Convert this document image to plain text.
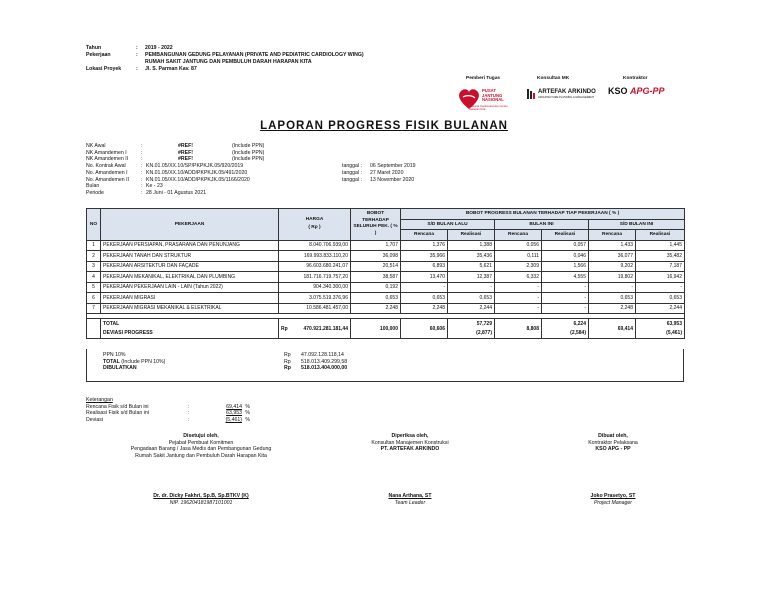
Tahun	: 2019 - 2022
Pekerjaan	: PEMBANGUNAN GEDUNG PELAYANAN (PRIVATE AND PEDIATRIC CARDIOLOGY WING)
RUMAH SAKIT JANTUNG DAN PEMBULUH DARAH HARAPAN KITA
Lokasi Proyek	: Jl. S. Parman Kav. 87
Pemberi Tugas	Konsultan MK	Kontraktor
PUSAT JANTUNG NASIONAL
National Cardiovascular Center Harapan Kita
ARTEFAK ARKINDO
ARCHITECTURE PLANNING & MANAGEMENT
KSO APG-PP
LAPORAN PROGRESS FISIK BULANAN
NK Awal	:	#REF!	(Include PPN)
NK Amandemen I	:	#REF!	(Include PPN)
NK Amandemen II :	#REF!	(Include PPN)
No. Kontrak Awal	: KN.01.05/XX.10/SP/PKPKJK.05/920/2019	tanggal : 06 September 2019
No. Amandemen I	: KN.01.05/XX.10/ADD/PKPKJK.05/491/2020	tanggal : 27 Maret 2020
No. Amandemen II : KN.01.05/XX.10/ADD/PKPKJK.05/1166/2020	tanggal : 13 November 2020
Bulan	: Ke - 23
Periode	: 28 Juni - 01 Agustus 2021
NO	PEKERJAAN	HARGA
( Rp )	BOBOT TERHADAP SELURUH PEK. ( % )	BOBOT PROGRESS BULANAN TERHADAP TIAP PEKERJAAN ( % )					
				S/D BULAN LALU		BULAN INI		S/D BULAN INI	
				Rencana	Realisasi	Rencana	Realisasi	Rencana	Realisasi
1	PEKERJAAN PERSIAPAN, PRASARANA DAN PENUNJANG	8.040.706.939,00	1,707	1,376	1,388	0,056	0,057	1,433	1,445
2	PEKERJAAN TANAH DAN STRUKTUR	169.993.833.110,20	36,098	35,966	35,436	0,111	0,046	36,077	35,482
3	PEKERJAAN ARSITEKTUR DAN FAÇADE	96.603.680.241,07	20,514	6,893	5,621	2,309	1,566	9,202	7,187
4	PEKERJAAN MEKANIKAL, ELEKTRIKAL DAN PLUMBING	181.716.719.757,20	38,587	13,470	12,387	6,332	4,555	19,802	16,942
5	PEKERJAAN PEKERJAAN LAIN - LAIN (Tahun 2022)	904.340.300,00	0,192	-	-	-	-	-	-
6	PEKERJAAN MIGRASI	3.075.519.376,96	0,653	0,653	0,653	-	-	0,653	0,653
7	PEKERJAAN MIGRASI MEKANIKAL & ELEKTRIKAL	10.586.481.457,00	2,248	2,248	2,244	-	-	2,248	2,244

	TOTAL	Rp 470.921.281.181,44	100,000	60,606	57,729	8,808	6,224	69,414	63,953
	DEVIASI PROGRESS				(2,877)		(2,584)		(5,461)
PPN 10%	Rp 47.092.128.118,14
TOTAL (Include PPN 10%)	Rp 518.013.409.299,58
DIBULATKAN	Rp 518.013.404.000,00
Keterangan
Rencana Fisik s/d Bulan ini	:	69,414 %
Realisasi Fisik s/d Bulan ini	:	63,953 %
Deviasi	:	(5,461) %
Disetujui oleh,
Pejabat Pembuat Komitmen
Pengadaan Barang / Jasa Medis dan Pembangunan Gedung
Rumah Sakit Jantung dan Pembuluh Darah Harapan Kita
Dr. dr. Dicky Fakhri, Sp.B, Sp.BTKV (K)
NIP. 196204181987101001
Diperiksa oleh,
Konsultan Manajemen Konstruksi
PT. ARTEFAK ARKINDO
Nana Arthana, ST
Team Leader
Dibuat oleh,
Kontraktor Pelaksana
KSO APG - PP
Joko Prasetyo, ST
Project Manager
